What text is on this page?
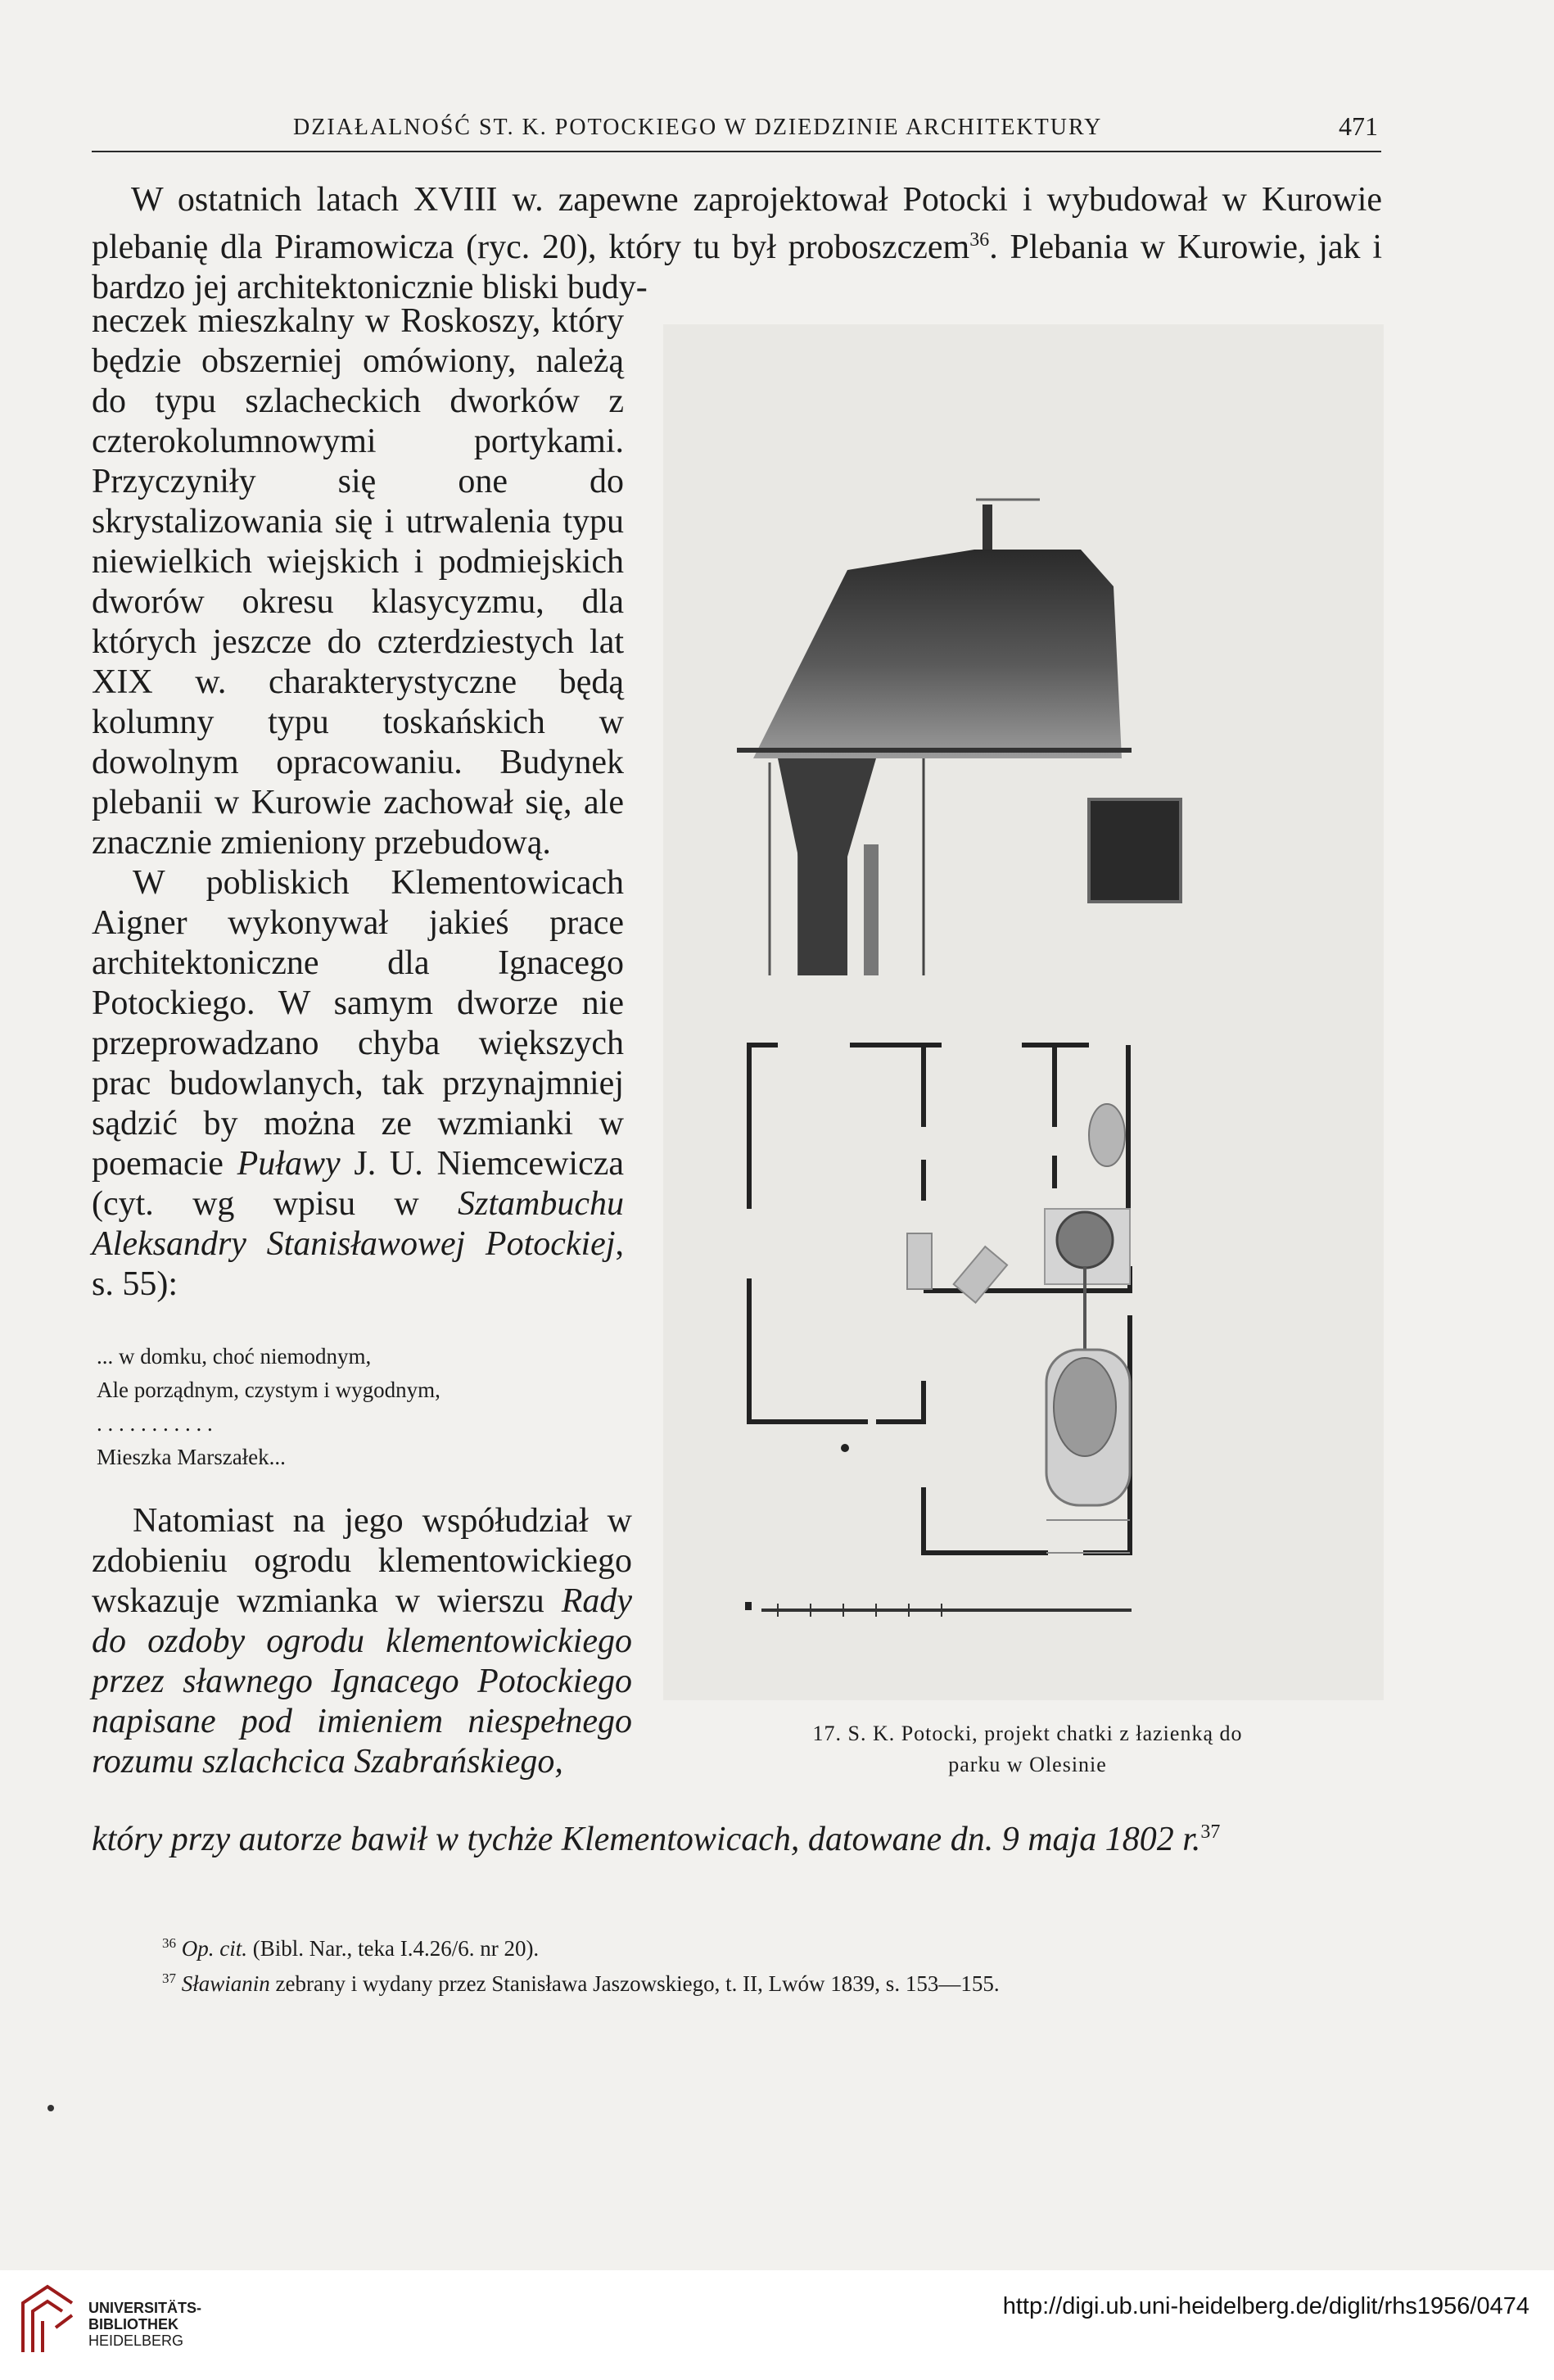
DZIAŁALNOŚĆ ST. K. POTOCKIEGO W DZIEDZINIE ARCHITEKTURY	471

W ostatnich latach XVIII w. zapewne zaprojektował Potocki i wybudował w Kurowie plebanię dla Piramowicza (ryc. 20), który tu był proboszczem$^{36}$. Plebania w Kurowie, jak i bardzo jej architektonicznie bliski budy-

neczek mieszkalny w Roskoszy, który będzie obszerniej omówiony, należą do typu szlacheckich dworków z czterokolumnowymi portykami. Przyczyniły się one do skrystalizowania się i utrwalenia typu niewielkich wiejskich i podmiejskich dworów okresu klasycyzmu, dla których jeszcze do czterdziestych lat XIX w. charakterystyczne będą kolumny typu toskańskich w dowolnym opracowaniu. Budynek plebanii w Kurowie zachował się, ale znacznie zmieniony przebudową.

W pobliskich Klementowicach Aigner wykonywał jakieś prace architektoniczne dla Ignacego Potockiego. W samym dworze nie przeprowadzano chyba większych prac budowlanych, tak przynajmniej sądzić by można ze wzmianki w poemacie Puławy J. U. Niemcewicza (cyt. wg wpisu w Sztambuchu Aleksandry Stanisławowej Potockiej, s. 55):

... w domku, choć niemodnym,
Ale porządnym, czystym i wygodnym,
. . . . . . . . . . .
Mieszka Marszałek...

Natomiast na jego współudział w zdobieniu ogrodu klementowickiego wskazuje wzmianka w wierszu Rady do ozdoby ogrodu klementowickiego przez sławnego Ignacego Potockiego napisane pod imieniem niespełnego rozumu szlachcica Szabrańskiego,

który przy autorze bawił w tychże Klementowicach, datowane dn. 9 maja 1802 r.$^{37}$

17. S. K. Potocki, projekt chatki z łazienką do
parku w Olesinie
$^{36}$ Op. cit. (Bibl. Nar., teka I.4.26/6. nr 20).
$^{37}$ Sławianin zebrany i wydany przez Stanisława Jaszowskiego, t. II, Lwów 1839, s. 153—155.
UNIVERSITÄTS-
BIBLIOTHEK
HEIDELBERG
http://digi.ub.uni-heidelberg.de/diglit/rhs1956/0474
